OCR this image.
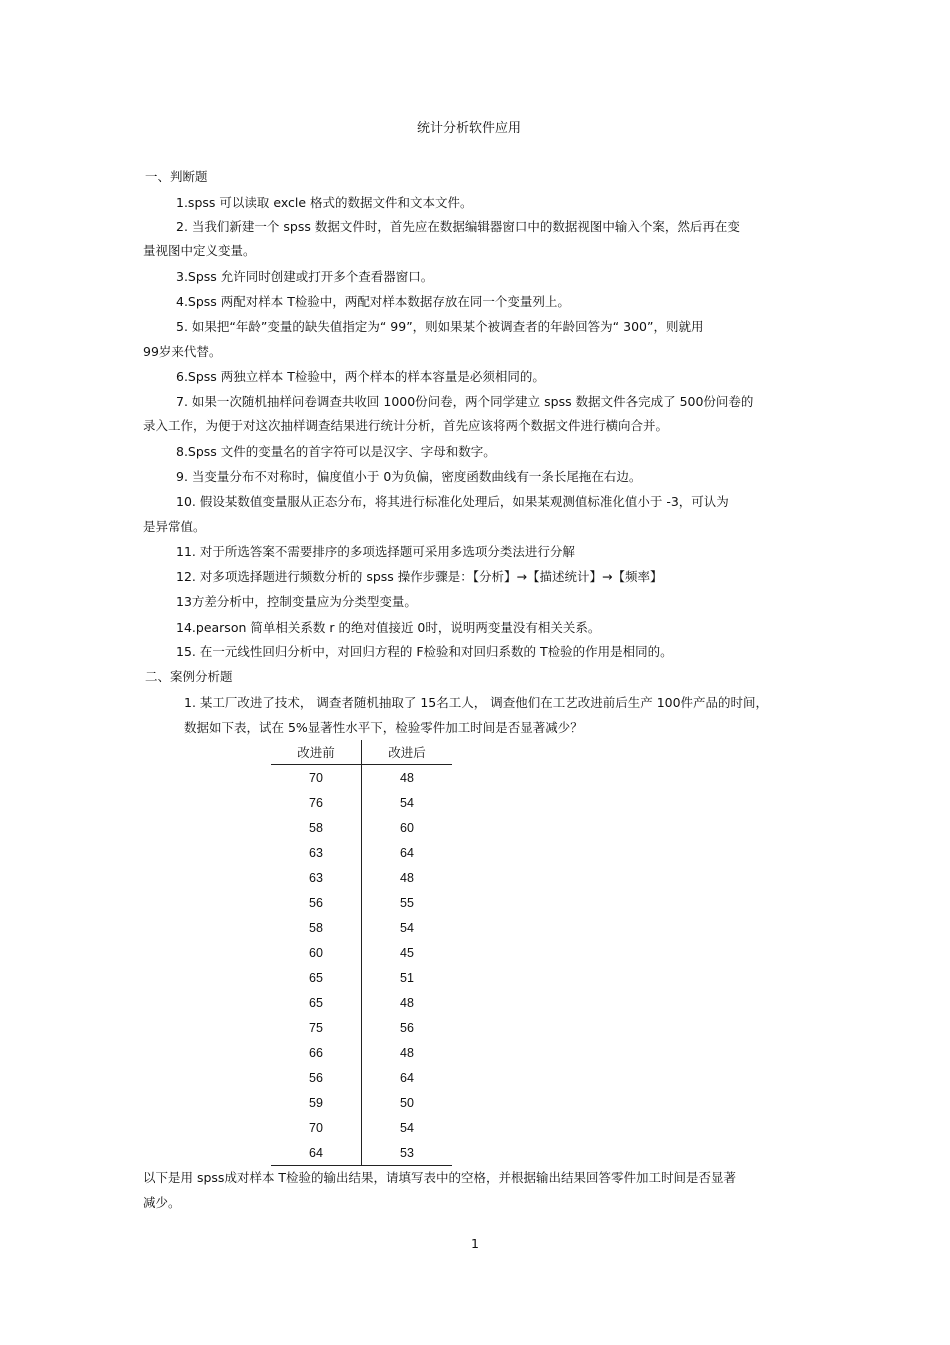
统计分析软件应用
一、判断题
1.spss 可以读取 excle 格式的数据文件和文本文件。
2. 当我们新建一个 spss 数据文件时，首先应在数据编辑器窗口中的数据视图中输入个案，然后再在变
量视图中定义变量。
3.Spss 允许同时创建或打开多个查看器窗口。
4.Spss 两配对样本 T检验中，两配对样本数据存放在同一个变量列上。
5. 如果把“年龄”变量的缺失值指定为“ 99”，则如果某个被调查者的年龄回答为“ 300”，则就用
99岁来代替。
6.Spss 两独立样本 T检验中，两个样本的样本容量是必须相同的。
7. 如果一次随机抽样问卷调查共收回 1000份问卷，两个同学建立 spss 数据文件各完成了 500份问卷的
录入工作，为便于对这次抽样调查结果进行统计分析，首先应该将两个数据文件进行横向合并。
8.Spss 文件的变量名的首字符可以是汉字、字母和数字。
9. 当变量分布不对称时，偏度值小于 0为负偏，密度函数曲线有一条长尾拖在右边。
10. 假设某数值变量服从正态分布，将其进行标准化处理后，如果某观测值标准化值小于 -3，可认为
是异常值。
11. 对于所选答案不需要排序的多项选择题可采用多选项分类法进行分解
12. 对多项选择题进行频数分析的 spss 操作步骤是：【分析】→【描述统计】→【频率】
13方差分析中，控制变量应为分类型变量。
14.pearson 简单相关系数 r 的绝对值接近 0时，说明两变量没有相关关系。
15. 在一元线性回归分析中，对回归方程的 F检验和对回归系数的 T检验的作用是相同的。
二、案例分析题
1. 某工厂改进了技术， 调查者随机抽取了 15名工人， 调查他们在工艺改进前后生产 100件产品的时间，
数据如下表，试在 5%显著性水平下，检验零件加工时间是否显著减少？
改进前	改进后
70	48
76	54
58	60
63	64
63	48
56	55
58	54
60	45
65	51
65	48
75	56
66	48
56	64
59	50
70	54
64	53
以下是用 spss成对样本 T检验的输出结果，请填写表中的空格，并根据输出结果回答零件加工时间是否显著
减少。
1
